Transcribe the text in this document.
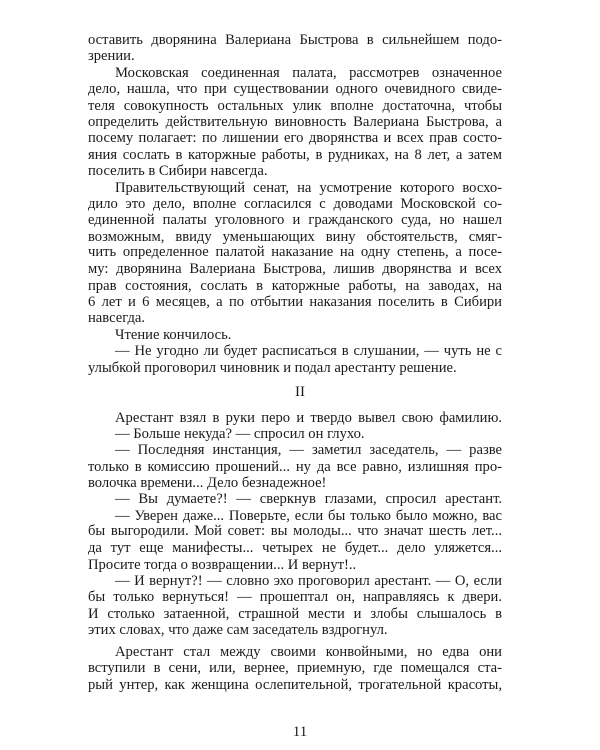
II

оставить дворянина Валериана Быстрова в сильнейшем подо-

зрении.

Московская соединенная палата, рассмотрев означенное

дело, нашла, что при существовании одного очевидного свиде-

теля совокупность остальных улик вполне достаточна, чтобы

определить действительную виновность Валериана Быстрова, а

посему полагает: по лишении его дворянства и всех прав состо-

яния сослать в каторжные работы, в рудниках, на 8 лет, а затем

поселить в Сибири навсегда.

Правительствующий сенат, на усмотрение которого восхо-

дило это дело, вполне согласился с доводами Московской со-

единенной палаты уголовного и гражданского суда, но нашел

возможным, ввиду уменьшающих вину обстоятельств, смяг-

чить определенное палатой наказание на одну степень, а посе-

му: дворянина Валериана Быстрова, лишив дворянства и всех

прав состояния, сослать в каторжные работы, на заводах, на

6 лет и 6 месяцев, а по отбытии наказания поселить в Сибири

навсегда.

Чтение кончилось.

— Не угодно ли будет расписаться в слушании, — чуть не с

улыбкой проговорил чиновник и подал арестанту решение.

Арестант взял в руки перо и твердо вывел свою фамилию.

— Больше некуда? — спросил он глухо.

— Последняя инстанция, — заметил заседатель, — разве

только в комиссию прошений... ну да все равно, излишняя про-

волочка времени... Дело безнадежное!

— Вы думаете?! — сверкнув глазами, спросил арестант.

— Уверен даже... Поверьте, если бы только было можно, вас

бы выгородили. Мой совет: вы молоды... что значат шесть лет...

да тут еще манифесты... четырех не будет... дело уляжется...

Просите тогда о возвращении... И вернут!..

— И вернут?! — словно эхо проговорил арестант. — О, если

бы только вернуться! — прошептал он, направляясь к двери.

И столько затаенной, страшной мести и злобы слышалось в

этих словах, что даже сам заседатель вздрогнул.

Арестант стал между своими конвойными, но едва они

вступили в сени, или, вернее, приемную, где помещался ста-

рый унтер, как женщина ослепительной, трогательной красоты,

11
